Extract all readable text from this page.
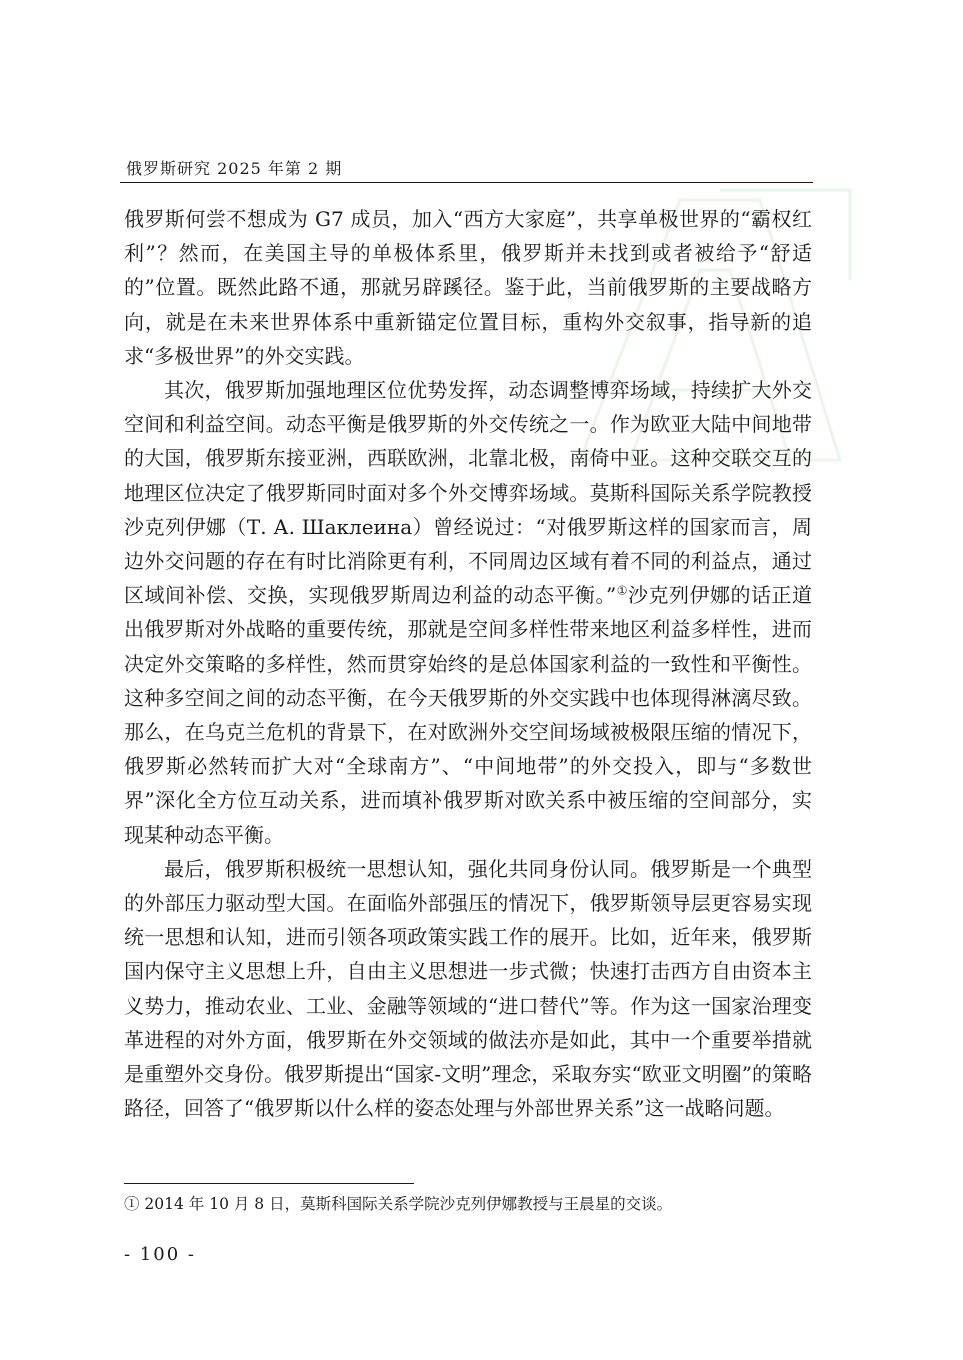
俄罗斯研究 2025 年第 2 期

俄罗斯何尝不想成为 G7 成员，加入“西方大家庭”，共享单极世界的“霸权红利”？然而，在美国主导的单极体系里，俄罗斯并未找到或者被给予“舒适的”位置。既然此路不通，那就另辟蹊径。鉴于此，当前俄罗斯的主要战略方向，就是在未来世界体系中重新锚定位置目标，重构外交叙事，指导新的追求“多极世界”的外交实践。

其次，俄罗斯加强地理区位优势发挥，动态调整博弈场域，持续扩大外交空间和利益空间。动态平衡是俄罗斯的外交传统之一。作为欧亚大陆中间地带的大国，俄罗斯东接亚洲，西联欧洲，北靠北极，南倚中亚。这种交联交互的地理区位决定了俄罗斯同时面对多个外交博弈场域。莫斯科国际关系学院教授沙克列伊娜（Т. А. Шаклеина）曾经说过：“对俄罗斯这样的国家而言，周边外交问题的存在有时比消除更有利，不同周边区域有着不同的利益点，通过区域间补偿、交换，实现俄罗斯周边利益的动态平衡。”①沙克列伊娜的话正道出俄罗斯对外战略的重要传统，那就是空间多样性带来地区利益多样性，进而决定外交策略的多样性，然而贯穿始终的是总体国家利益的一致性和平衡性。这种多空间之间的动态平衡，在今天俄罗斯的外交实践中也体现得淋漓尽致。那么，在乌克兰危机的背景下，在对欧洲外交空间场域被极限压缩的情况下，俄罗斯必然转而扩大对“全球南方”、“中间地带”的外交投入，即与“多数世界”深化全方位互动关系，进而填补俄罗斯对欧关系中被压缩的空间部分，实现某种动态平衡。

最后，俄罗斯积极统一思想认知，强化共同身份认同。俄罗斯是一个典型的外部压力驱动型大国。在面临外部强压的情况下，俄罗斯领导层更容易实现统一思想和认知，进而引领各项政策实践工作的展开。比如，近年来，俄罗斯国内保守主义思想上升，自由主义思想进一步式微；快速打击西方自由资本主义势力，推动农业、工业、金融等领域的“进口替代”等。作为这一国家治理变革进程的对外方面，俄罗斯在外交领域的做法亦是如此，其中一个重要举措就是重塑外交身份。俄罗斯提出“国家-文明”理念，采取夯实“欧亚文明圈”的策略路径，回答了“俄罗斯以什么样的姿态处理与外部世界关系”这一战略问题。

① 2014 年 10 月 8 日，莫斯科国际关系学院沙克列伊娜教授与王晨星的交谈。
- 100 -
